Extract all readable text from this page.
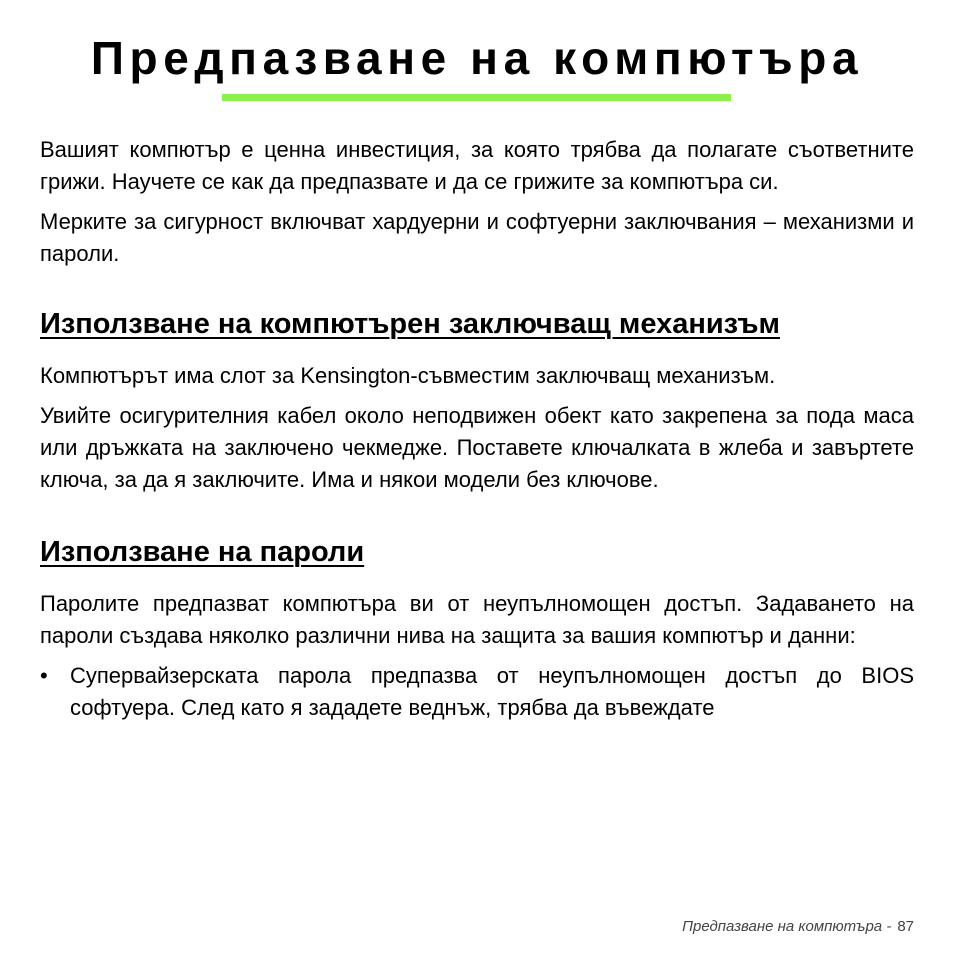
Предпазване на компютъра

Вашият компютър е ценна инвестиция, за която трябва да полагате съответните грижи. Научете се как да предпазвате и да се грижите за компютъра си.

Мерките за сигурност включват хардуерни и софтуерни заключвания – механизми и пароли.

Използване на компютърен заключващ механизъм

Компютърът има слот за Kensington-съвместим заключващ механизъм.

Увийте осигурителния кабел около неподвижен обект като закрепена за пода маса или дръжката на заключено чекмедже. Поставете ключалката в жлеба и завъртете ключа, за да я заключите. Има и някои модели без ключове.

Използване на пароли

Паролите предпазват компютъра ви от неупълномощен достъп. Задаването на пароли създава няколко различни нива на защита за вашия компютър и данни:

•	Супервайзерската парола предпазва от неупълномощен достъп до BIOS софтуера. След като я зададете веднъж, трябва да въвеждате
Предпазване на компютъра - 87
